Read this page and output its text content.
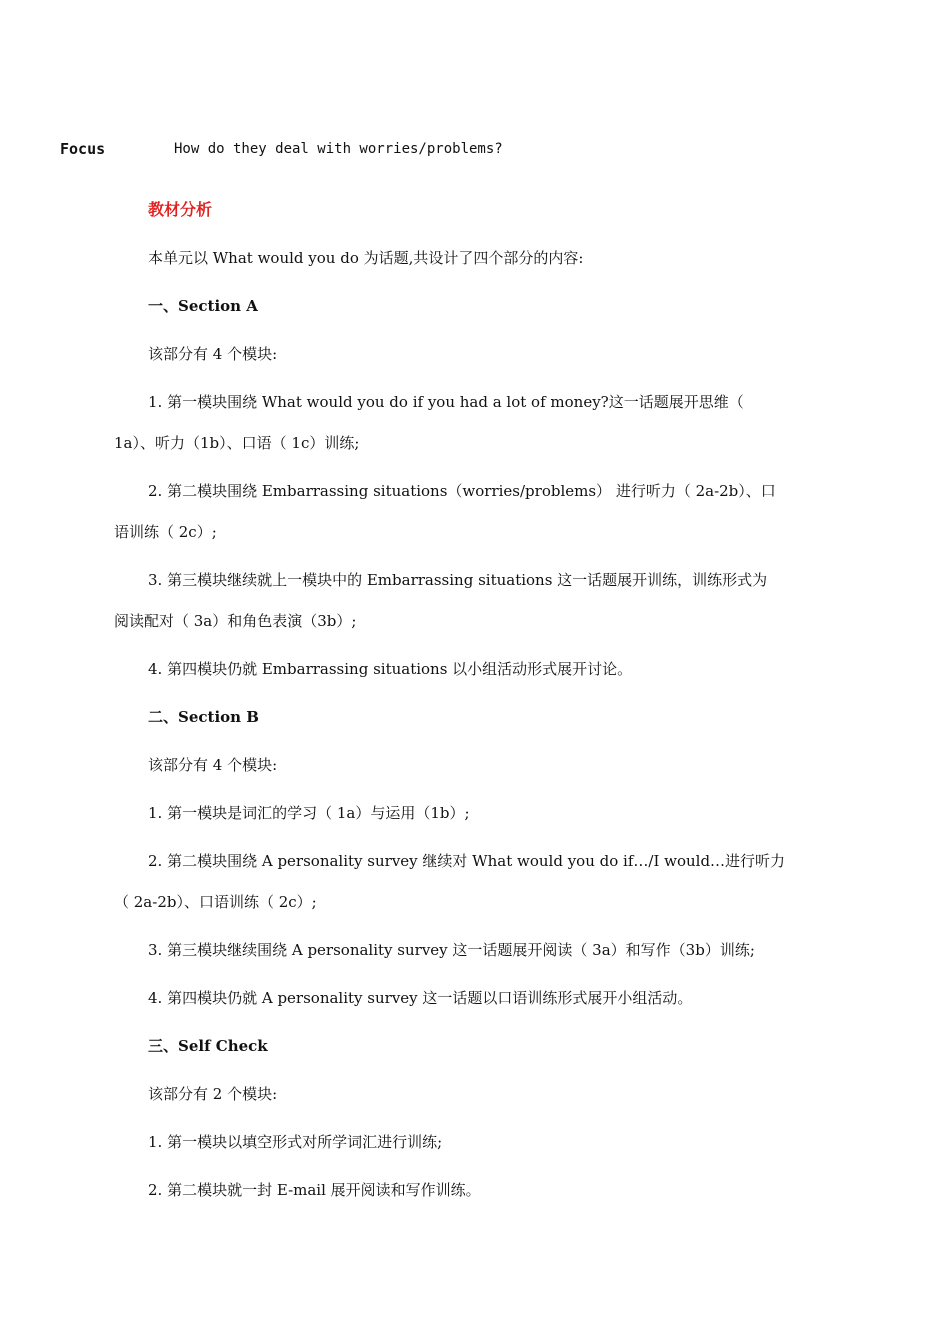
Focus	How do they deal with worries/problems?
教材分析
本单元以 What would you do 为话题,共设计了四个部分的内容:
一、Section A
该部分有 4 个模块:
1. 第一模块围绕 What would you do if you had a lot of money?这一话题展开思维（
1a）、听力（1b）、口语（ 1c）训练;
2. 第二模块围绕 Embarrassing situations（worries/problems） 进行听力（ 2a-2b）、口
语训练（ 2c）;
3. 第三模块继续就上一模块中的 Embarrassing situations 这一话题展开训练，训练形式为
阅读配对（ 3a）和角色表演（3b）;
4. 第四模块仍就 Embarrassing situations 以小组活动形式展开讨论。
二、Section B
该部分有 4 个模块:
1. 第一模块是词汇的学习（ 1a）与运用（1b）;
2. 第二模块围绕 A personality survey 继续对 What would you do if…/I would…进行听力
（ 2a-2b）、口语训练（ 2c）;
3. 第三模块继续围绕 A personality survey 这一话题展开阅读（ 3a）和写作（3b）训练;
4. 第四模块仍就 A personality survey 这一话题以口语训练形式展开小组活动。
三、Self Check
该部分有 2 个模块:
1. 第一模块以填空形式对所学词汇进行训练;
2. 第二模块就一封 E-mail 展开阅读和写作训练。
